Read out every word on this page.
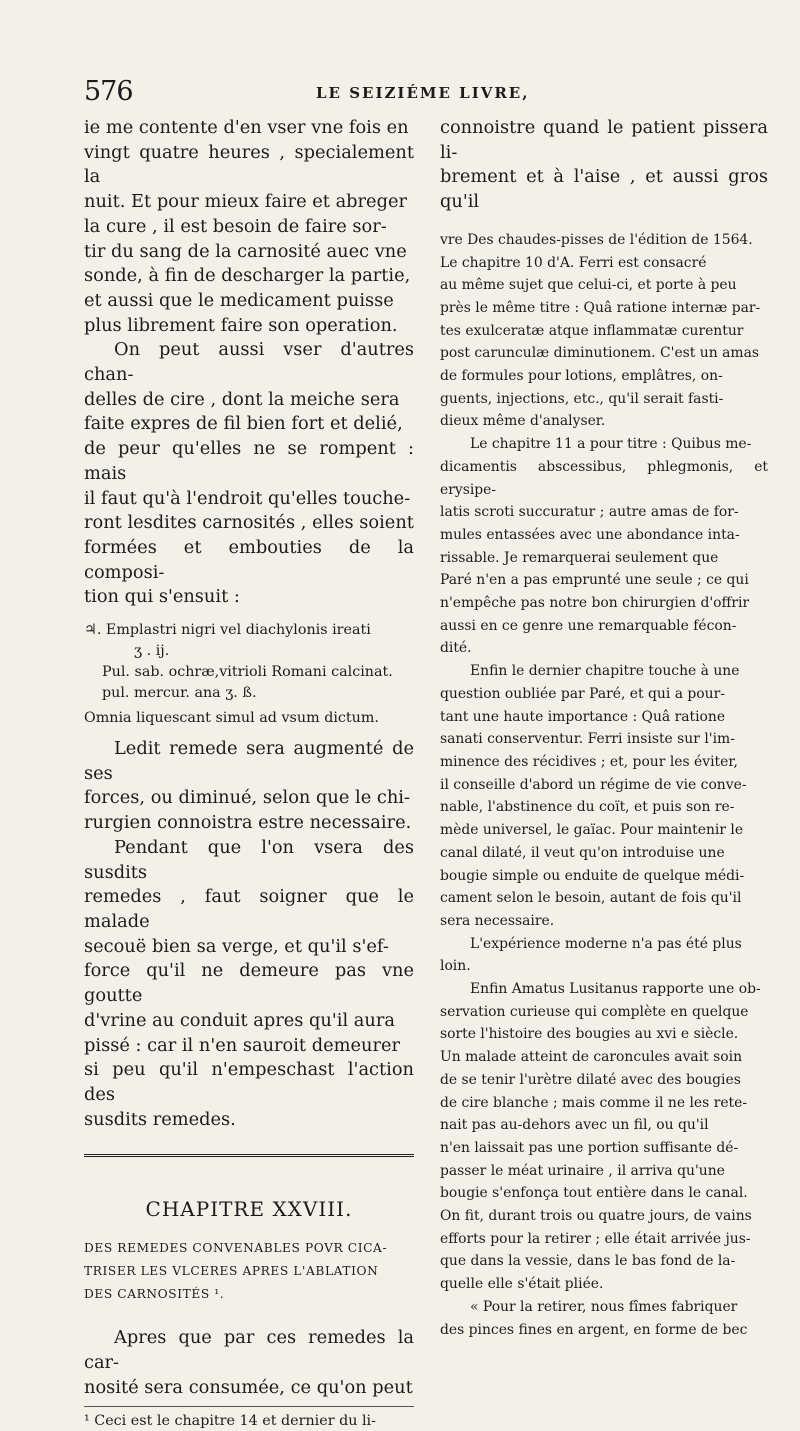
576	LE SEIZIÉME LIVRE,

ie me contente d'en vser vne fois en

vingt quatre heures , specialement la

nuit. Et pour mieux faire et abreger

la cure , il est besoin de faire sor-

tir du sang de la carnosité auec vne

sonde, à fin de descharger la partie,

et aussi que le medicament puisse

plus librement faire son operation.

On peut aussi vser d'autres chan-

delles de cire , dont la meiche sera

faite expres de fil bien fort et delié,

de peur qu'elles ne se rompent : mais

il faut qu'à l'endroit qu'elles touche-

ront lesdites carnosités , elles soient

formées et embouties de la composi-

tion qui s'ensuit :

♃. Emplastri nigri vel diachylonis ireati

ʒ . ij.

Pul. sab. ochræ,vitrioli Romani calcinat.

pul. mercur. ana ʒ. ß.

Omnia liquescant simul ad vsum dictum.

Ledit remede sera augmenté de ses

forces, ou diminué, selon que le chi-

rurgien connoistra estre necessaire.

Pendant que l'on vsera des susdits

remedes , faut soigner que le malade

secouë bien sa verge, et qu'il s'ef-

force qu'il ne demeure pas vne goutte

d'vrine au conduit apres qu'il aura

pissé : car il n'en sauroit demeurer

si peu qu'il n'empeschast l'action des

susdits remedes.

CHAPITRE XXVIII.

DES REMEDES CONVENABLES POVR CICA-

TRISER LES VLCERES APRES L'ABLATION

DES CARNOSITÉS ¹.

Apres que par ces remedes la car-

nosité sera consumée, ce qu'on peut

¹ Ceci est le chapitre 14 et dernier du li-

connoistre quand le patient pissera li-

brement et à l'aise , et aussi gros qu'il

vre Des chaudes-pisses de l'édition de 1564.

Le chapitre 10 d'A. Ferri est consacré

au même sujet que celui-ci, et porte à peu

près le même titre : Quâ ratione internæ par-

tes exulceratæ atque inflammatæ curentur

post carunculæ diminutionem. C'est un amas

de formules pour lotions, emplâtres, on-

guents, injections, etc., qu'il serait fasti-

dieux même d'analyser.

Le chapitre 11 a pour titre : Quibus me-

dicamentis abscessibus, phlegmonis, et erysipe-

latis scroti succuratur ; autre amas de for-

mules entassées avec une abondance inta-

rissable. Je remarquerai seulement que

Paré n'en a pas emprunté une seule ; ce qui

n'empêche pas notre bon chirurgien d'offrir

aussi en ce genre une remarquable fécon-

dité.

Enfin le dernier chapitre touche à une

question oubliée par Paré, et qui a pour-

tant une haute importance : Quâ ratione

sanati conserventur. Ferri insiste sur l'im-

minence des récidives ; et, pour les éviter,

il conseille d'abord un régime de vie conve-

nable, l'abstinence du coït, et puis son re-

mède universel, le gaïac. Pour maintenir le

canal dilaté, il veut qu'on introduise une

bougie simple ou enduite de quelque médi-

cament selon le besoin, autant de fois qu'il

sera necessaire.

L'expérience moderne n'a pas été plus

loin.

Enfin Amatus Lusitanus rapporte une ob-

servation curieuse qui complète en quelque

sorte l'histoire des bougies au xvi e siècle.

Un malade atteint de caroncules avait soin

de se tenir l'urètre dilaté avec des bougies

de cire blanche ; mais comme il ne les rete-

nait pas au-dehors avec un fil, ou qu'il

n'en laissait pas une portion suffisante dé-

passer le méat urinaire , il arriva qu'une

bougie s'enfonça tout entière dans le canal.

On fit, durant trois ou quatre jours, de vains

efforts pour la retirer ; elle était arrivée jus-

que dans la vessie, dans le bas fond de la-

quelle elle s'était pliée.

« Pour la retirer, nous fîmes fabriquer

des pinces fines en argent, en forme de bec
